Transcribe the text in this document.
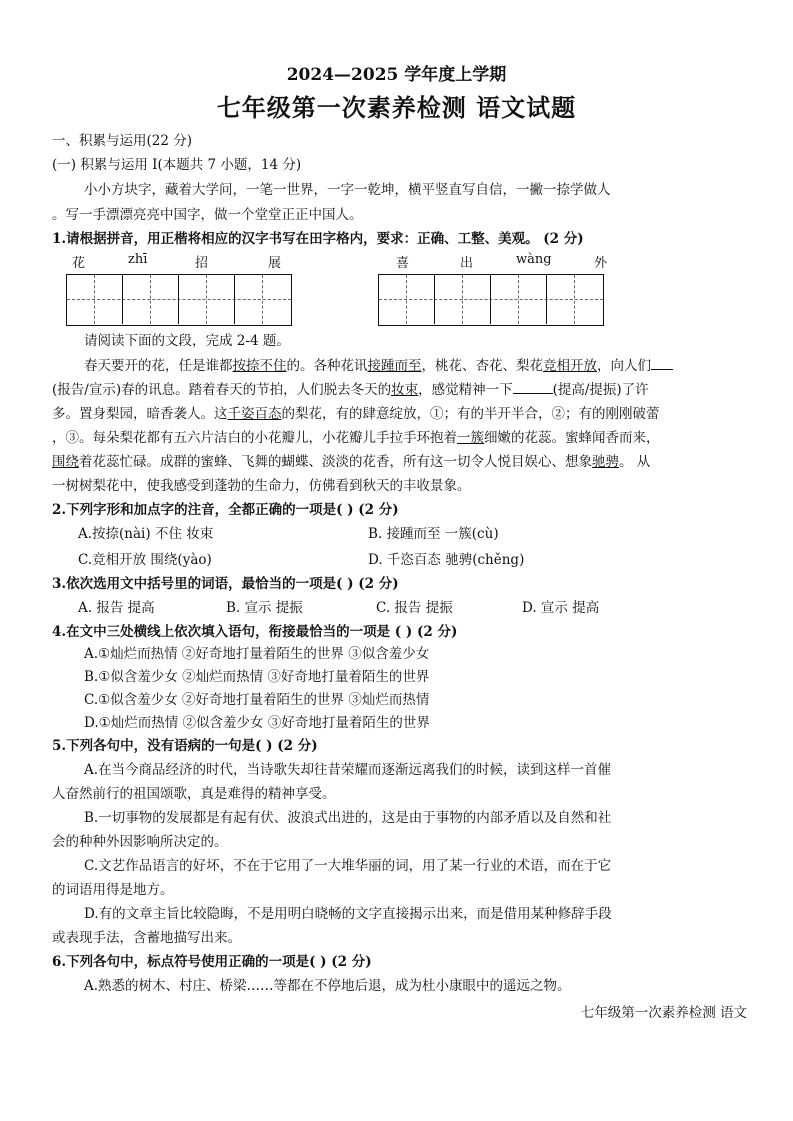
2024—2025 学年度上学期
七年级第一次素养检测 语文试题
一、积累与运用(22 分)
(一) 积累与运用 I(本题共 7 小题，14 分)
小小方块字，藏着大学问，一笔一世界，一字一乾坤，横平竖直写自信，一撇一捺学做人
。写一手漂漂亮亮中国字，做一个堂堂正正中国人。
1.请根据拼音，用正楷将相应的汉字书写在田字格内，要求：正确、工整、美观。 (2 分)
花	zhī	招	展	喜	出	wàng	外
请阅读下面的文段，完成 2-4 题。
春天要开的花，任是谁都按捺不住的。各种花讯接踵而至，桃花、杏花、梨花竞相开放，向人们
(报告/宣示)春的讯息。踏着春天的节拍，人们脱去冬天的妆束，感觉精神一下	(提高/提振)了许
多。置身梨园，暗香袭人。这千姿百态的梨花，有的肆意绽放，①；有的半开半合，②；有的刚刚破蕾
，③。每朵梨花都有五六片洁白的小花瓣儿，小花瓣儿手拉手环抱着一簇细嫩的花蕊。蜜蜂闻香而来，
围绕着花蕊忙碌。成群的蜜蜂、飞舞的蝴蝶、淡淡的花香，所有这一切令人悦目娱心、想象驰骋。 从
一树树梨花中，使我感受到蓬勃的生命力，仿佛看到秋天的丰收景象。
2.下列字形和加点字的注音，全都正确的一项是( ) (2 分)
A.按捺(nài) 不住 妆束	B. 接踵而至 一簇(cù)
C.竞相开放 围绕(yào)	D. 千恣百态 驰骋(chěng)
3.依次选用文中括号里的词语，最恰当的一项是( ) (2 分)
A. 报告 提高	B. 宣示 提振	C. 报告 提振	D. 宣示 提高
4.在文中三处横线上依次填入语句，衔接最恰当的一项是 ( ) (2 分)
A.①灿烂而热情 ②好奇地打量着陌生的世界 ③似含羞少女
B.①似含羞少女 ②灿烂而热情 ③好奇地打量着陌生的世界
C.①似含羞少女 ②好奇地打量着陌生的世界 ③灿烂而热情
D.①灿烂而热情 ②似含羞少女 ③好奇地打量着陌生的世界
5.下列各句中，没有语病的一句是( ) (2 分)
A.在当今商品经济的时代，当诗歌失却往昔荣耀而逐渐远离我们的时候，读到这样一首催
人奋然前行的祖国颂歌，真是难得的精神享受。
B.一切事物的发展都是有起有伏、波浪式出进的，这是由于事物的内部矛盾以及自然和社
会的种种外因影响所决定的。
C.文艺作品语言的好坏，不在于它用了一大堆华丽的词，用了某一行业的术语，而在于它
的词语用得是地方。
D.有的文章主旨比较隐晦，不是用明白晓畅的文字直接揭示出来，而是借用某种修辞手段
或表现手法，含蓄地描写出来。
6.下列各句中，标点符号使用正确的一项是( ) (2 分)
A.熟悉的树木、村庄、桥梁……等都在不停地后退，成为杜小康眼中的遥远之物。
七年级第一次素养检测 语文
